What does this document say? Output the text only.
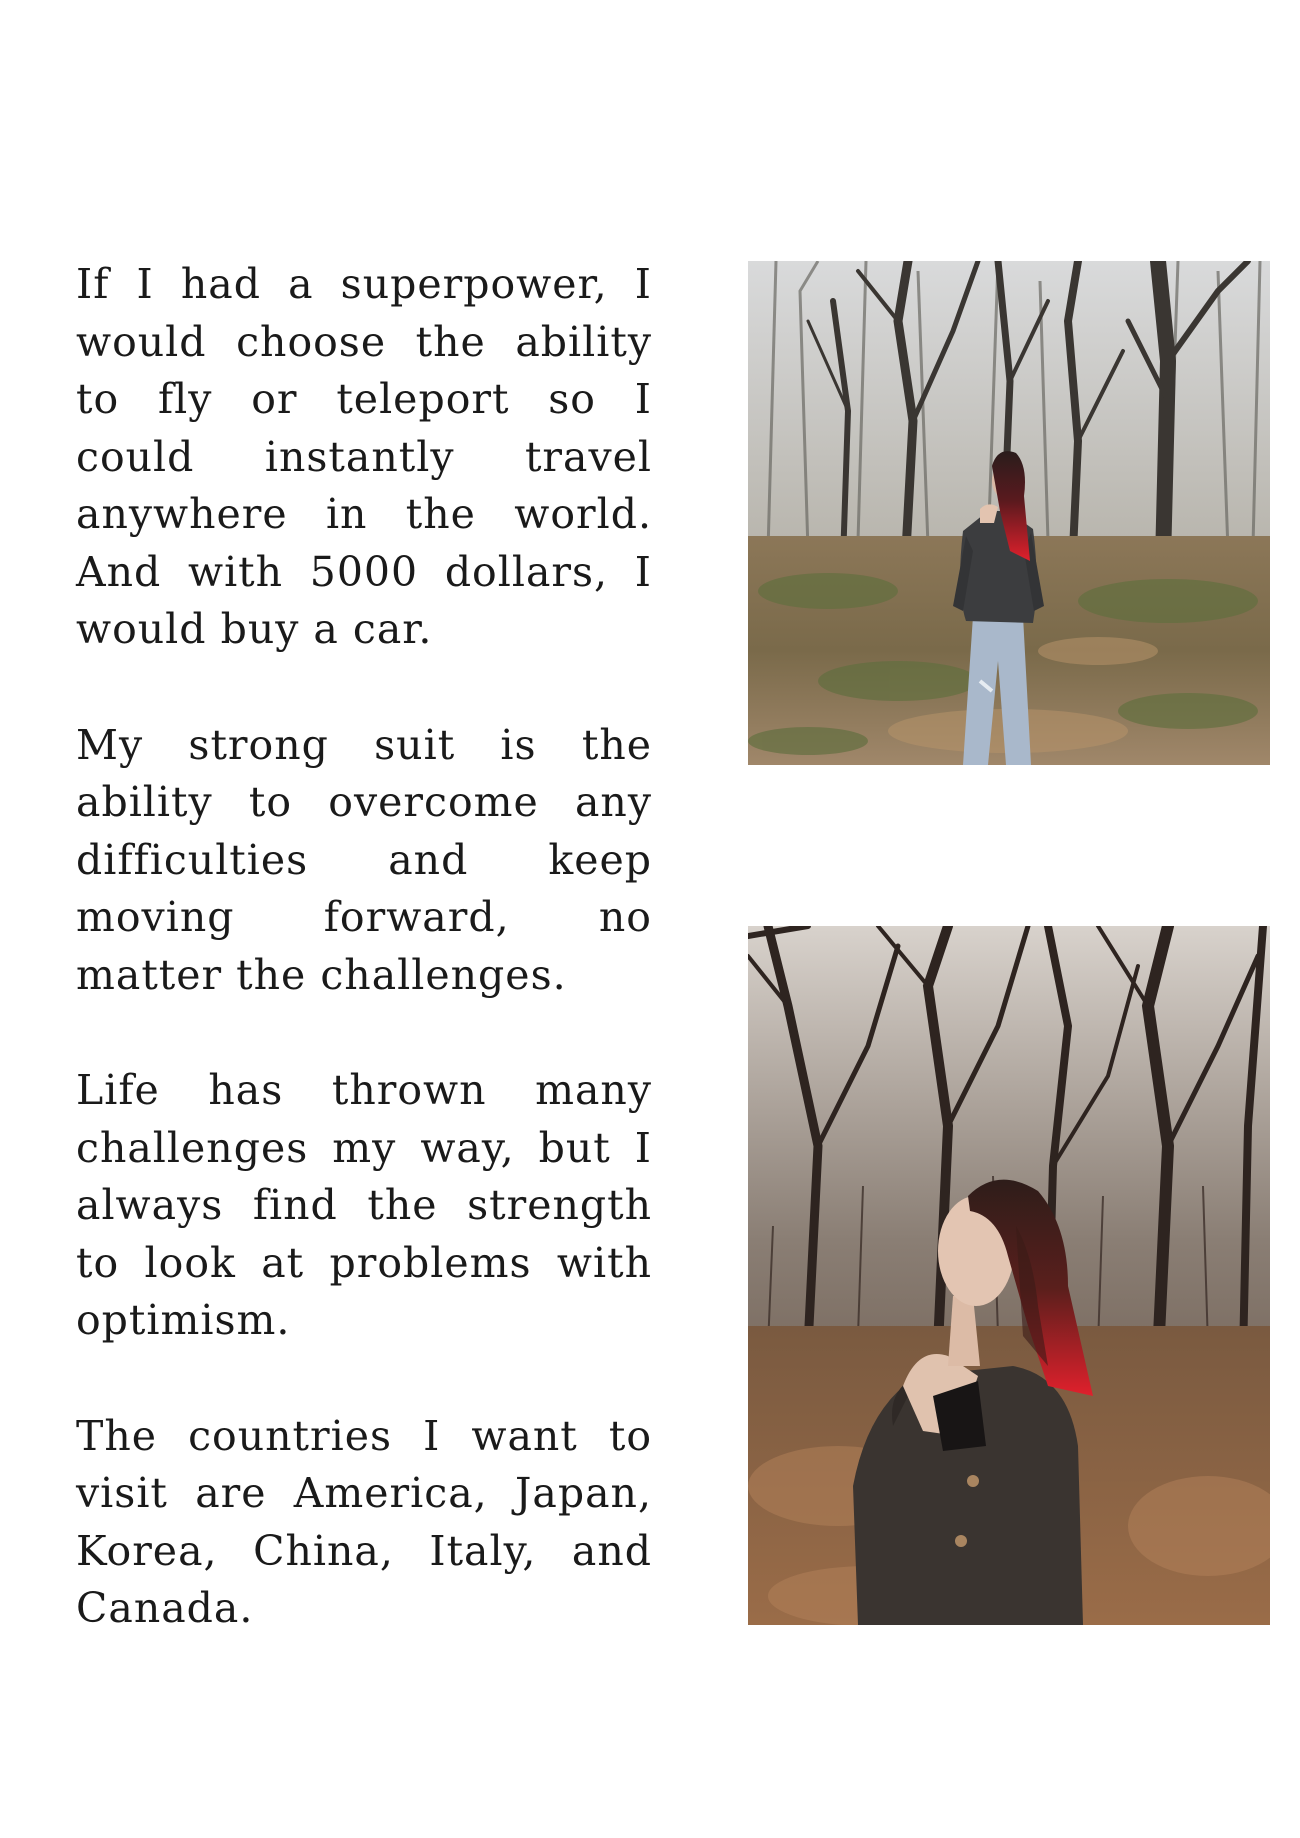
If I had a superpower, I would choose the ability to fly or teleport so I could instantly travel anywhere in the world. And with 5000 dollars, I would buy a car.

My strong suit is the ability to overcome any difficulties and keep moving forward, no matter the challenges.

Life has thrown many challenges my way, but I always find the strength to look at problems with optimism.

The countries I want to visit are America, Japan, Korea, China, Italy, and Canada.
